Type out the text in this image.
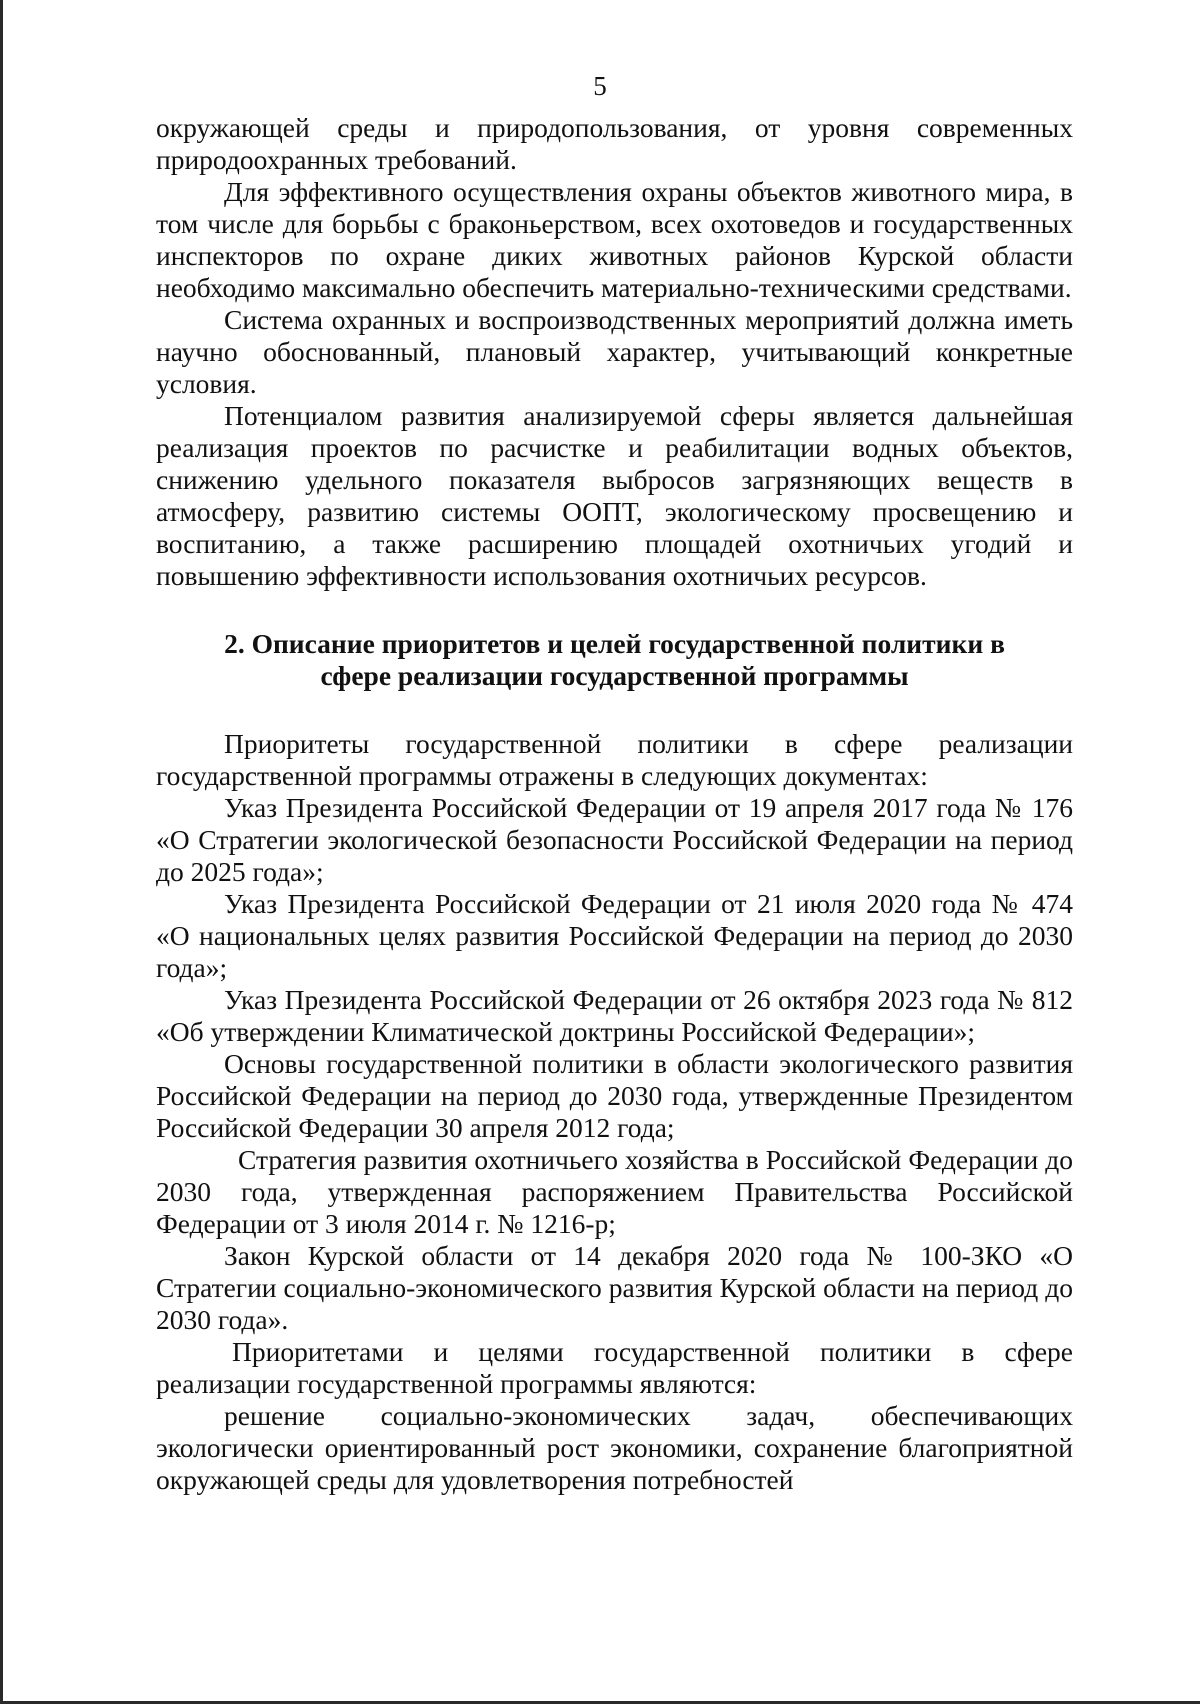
5

окружающей среды и природопользования, от уровня современных природоохранных требований.

Для эффективного осуществления охраны объектов животного мира, в том числе для борьбы с браконьерством, всех охотоведов и государственных инспекторов по охране диких животных районов Курской области необходимо максимально обеспечить материально-техническими средствами.

Система охранных и воспроизводственных мероприятий должна иметь научно обоснованный, плановый характер, учитывающий конкретные условия.

Потенциалом развития анализируемой сферы является дальнейшая реализация проектов по расчистке и реабилитации водных объектов, снижению удельного показателя выбросов загрязняющих веществ в атмосферу, развитию системы ООПТ, экологическому просвещению и воспитанию, а также расширению площадей охотничьих угодий и повышению эффективности использования охотничьих ресурсов.

2. Описание приоритетов и целей государственной политики в
сфере реализации государственной программы

Приоритеты государственной политики в сфере реализации государственной программы отражены в следующих документах:

Указ Президента Российской Федерации от 19 апреля 2017 года № 176 «О Стратегии экологической безопасности Российской Федерации на период до 2025 года»;

Указ Президента Российской Федерации от 21 июля 2020 года № 474 «О национальных целях развития Российской Федерации на период до 2030 года»;

Указ Президента Российской Федерации от 26 октября 2023 года № 812 «Об утверждении Климатической доктрины Российской Федерации»;

Основы государственной политики в области экологического развития Российской Федерации на период до 2030 года, утвержденные Президентом Российской Федерации 30 апреля 2012 года;

Стратегия развития охотничьего хозяйства в Российской Федерации до 2030 года, утвержденная распоряжением Правительства Российской Федерации от 3 июля 2014 г. № 1216-р;

Закон Курской области от 14 декабря 2020 года № 100-ЗКО «О Стратегии социально-экономического развития Курской области на период до 2030 года».

Приоритетами и целями государственной политики в сфере реализации государственной программы являются:

решение социально-экономических задач, обеспечивающих экологически ориентированный рост экономики, сохранение благоприятной окружающей среды для удовлетворения потребностей
